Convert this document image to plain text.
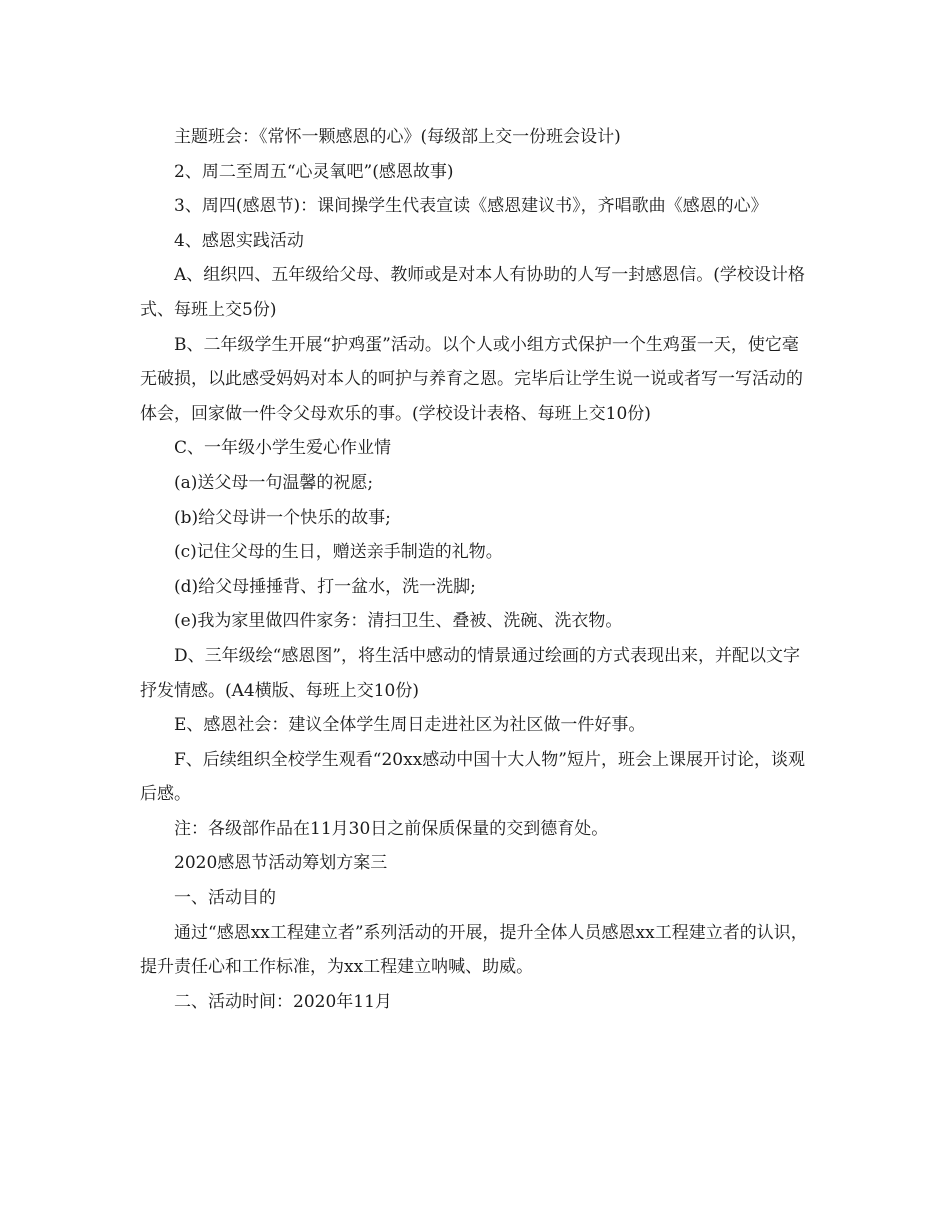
主题班会：《常怀一颗感恩的心》(每级部上交一份班会设计)

2、周二至周五“心灵氧吧”(感恩故事)

3、周四(感恩节)：课间操学生代表宣读《感恩建议书》，齐唱歌曲《感恩的心》

4、感恩实践活动

A、组织四、五年级给父母、教师或是对本人有协助的人写一封感恩信。(学校设计格式、每班上交5份)

B、二年级学生开展“护鸡蛋”活动。以个人或小组方式保护一个生鸡蛋一天，使它毫无破损，以此感受妈妈对本人的呵护与养育之恩。完毕后让学生说一说或者写一写活动的体会，回家做一件令父母欢乐的事。(学校设计表格、每班上交10份)

C、一年级小学生爱心作业情

(a)送父母一句温馨的祝愿;

(b)给父母讲一个快乐的故事;

(c)记住父母的生日，赠送亲手制造的礼物。

(d)给父母捶捶背、打一盆水，洗一洗脚;

(e)我为家里做四件家务：清扫卫生、叠被、洗碗、洗衣物。

D、三年级绘“感恩图”，将生活中感动的情景通过绘画的方式表现出来，并配以文字抒发情感。(A4横版、每班上交10份)

E、感恩社会：建议全体学生周日走进社区为社区做一件好事。

F、后续组织全校学生观看“20xx感动中国十大人物”短片，班会上课展开讨论，谈观后感。

注：各级部作品在11月30日之前保质保量的交到德育处。

2020感恩节活动筹划方案三

一、活动目的

通过“感恩xx工程建立者”系列活动的开展，提升全体人员感恩xx工程建立者的认识，提升责任心和工作标准，为xx工程建立呐喊、助威。

二、活动时间：2020年11月
